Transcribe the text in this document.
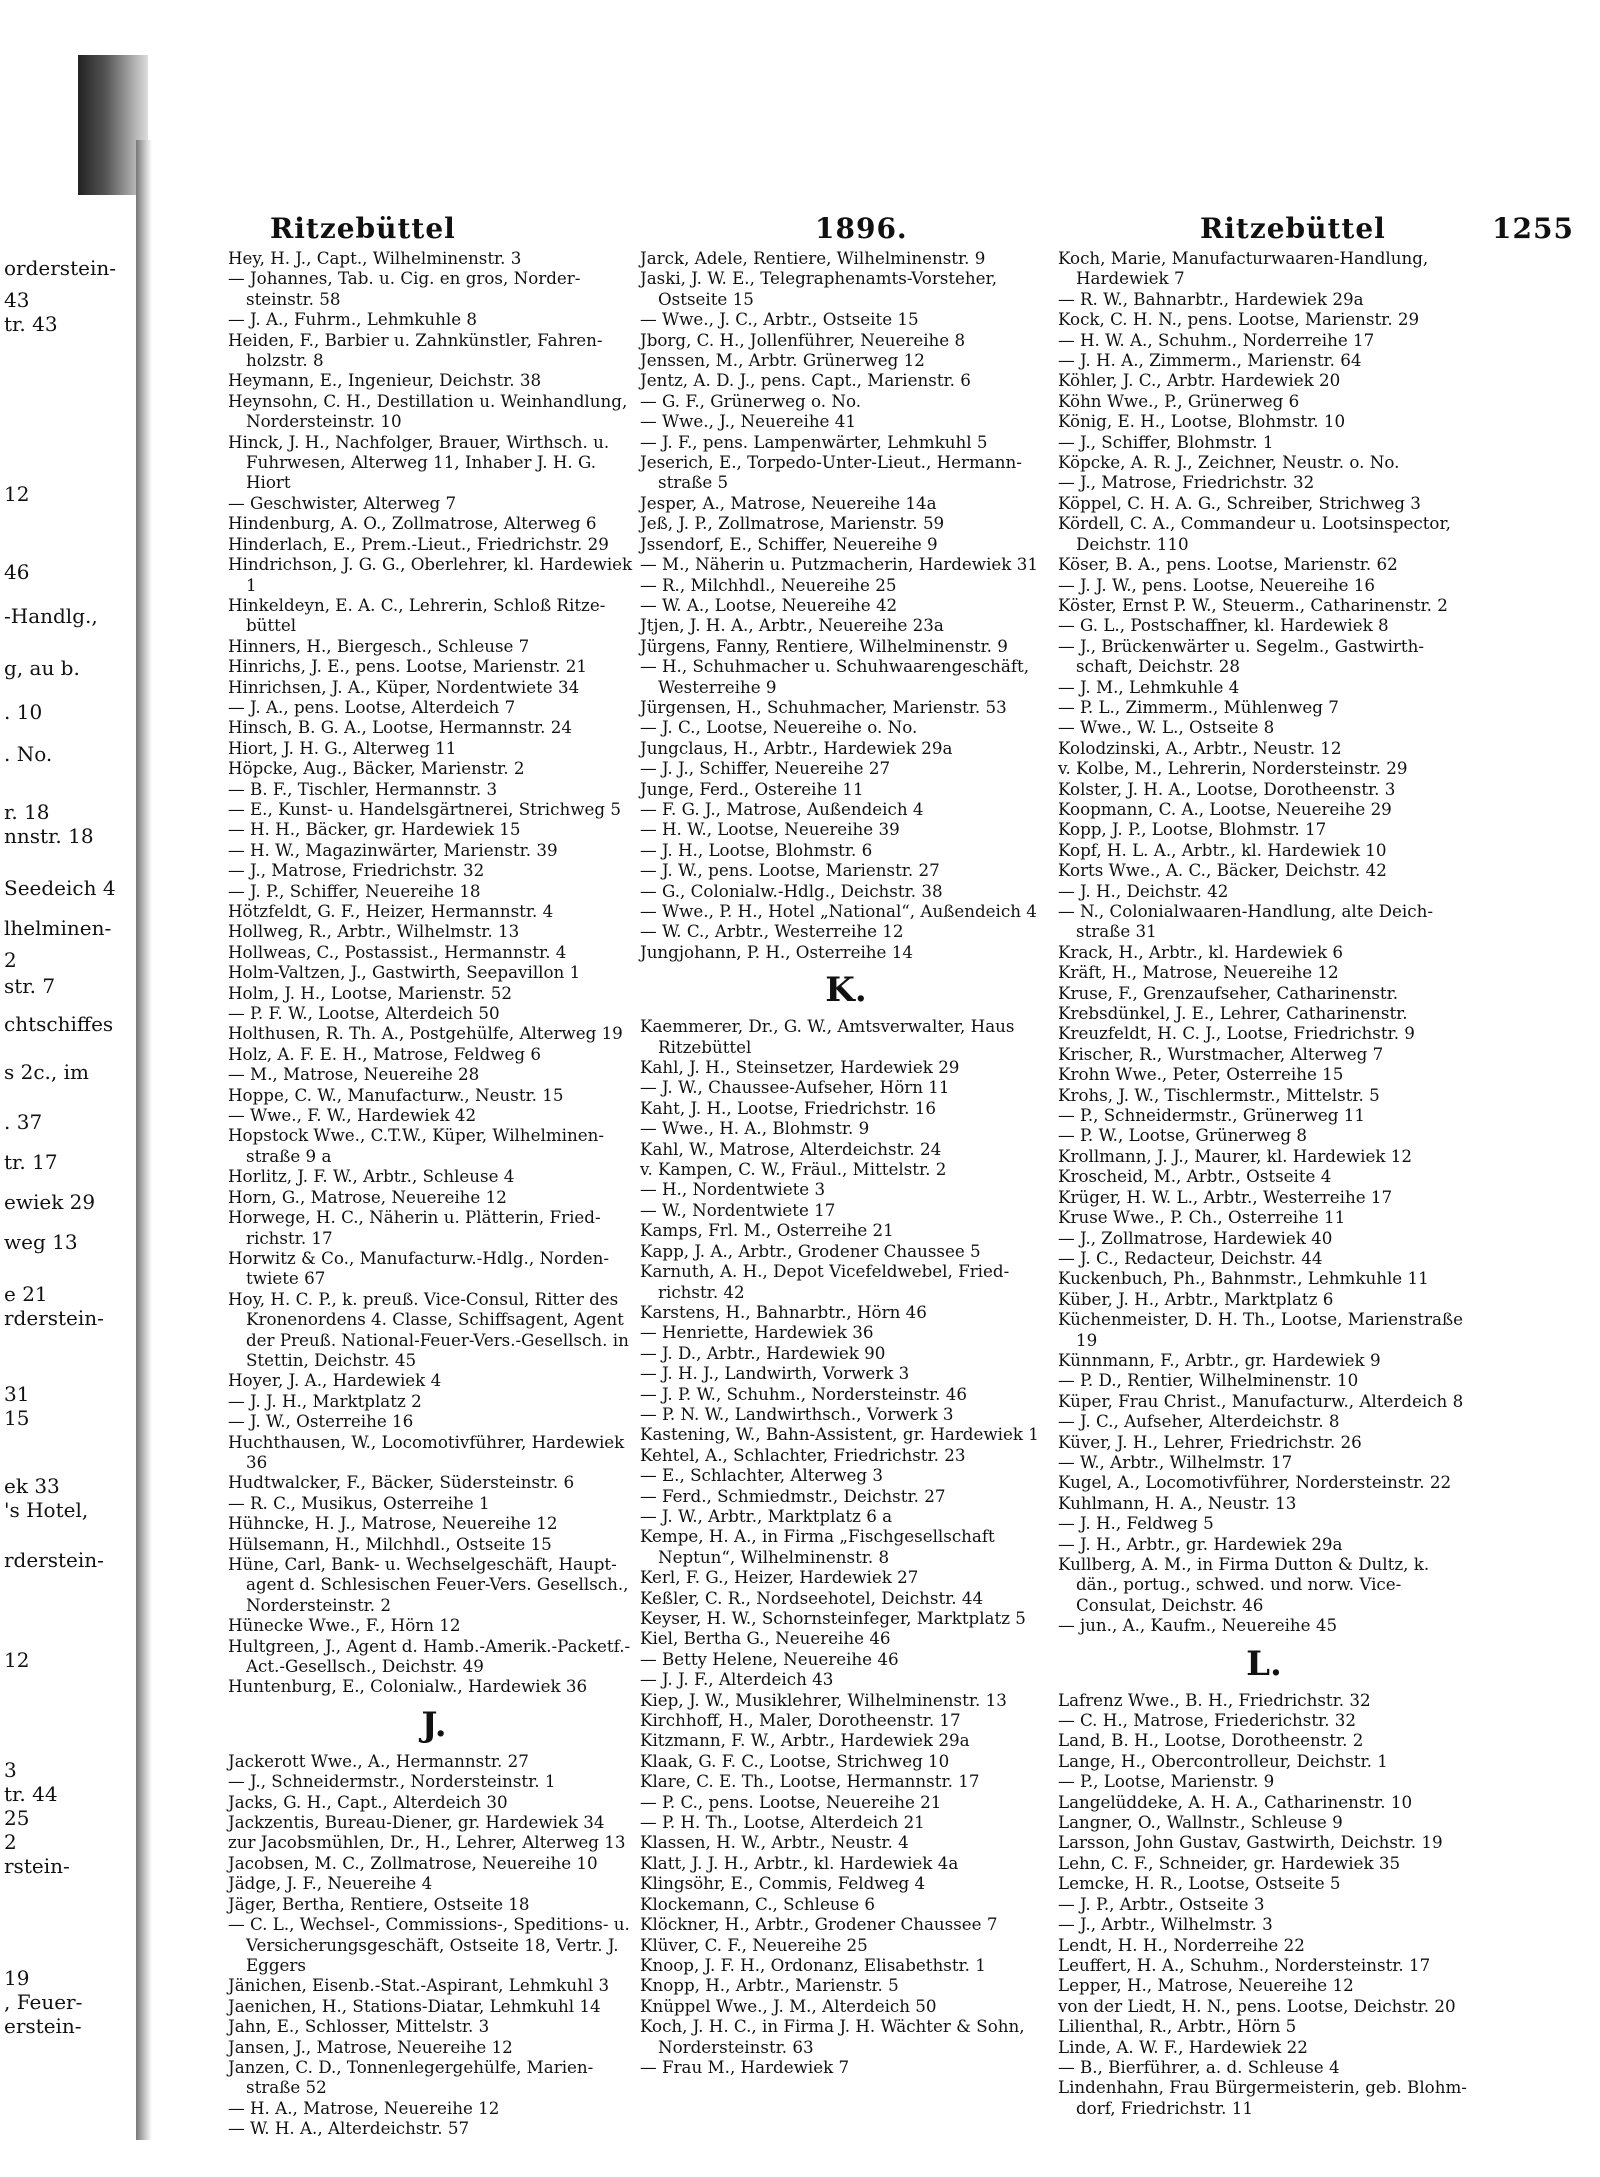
orderstein-
43
tr. 43
12
46
-Handlg.,
g, au b.
. 10
. No.
r. 18
nnstr. 18
Seedeich 4
lhelminen-
2
str. 7
chtschiffes
s 2c., im
. 37
tr. 17
ewiek 29
weg 13
e 21
rderstein-
31
15
ek 33
's Hotel,
rderstein-
12
3
tr. 44
25
2
rstein-
19
, Feuer-
erstein-
Ritzebüttel	1896.	Ritzebüttel	1255
Hey, H. J., Capt., Wilhelminenstr. 3
— Johannes, Tab. u. Cig. en gros, Nordersteinstr. 58
— J. A., Fuhrm., Lehmkuhle 8
Heiden, F., Barbier u. Zahnkünstler, Fahrenholzstr. 8
Heymann, E., Ingenieur, Deichstr. 38
Heynsohn, C. H., Destillation u. Weinhandlung, Nordersteinstr. 10
Hinck, J. H., Nachfolger, Brauer, Wirthsch. u. Fuhrwesen, Alterweg 11, Inhaber J. H. G. Hiort
— Geschwister, Alterweg 7
Hindenburg, A. O., Zollmatrose, Alterweg 6
Hinderlach, E., Prem.-Lieut., Friedrichstr. 29
Hindrichson, J. G. G., Oberlehrer, kl. Hardewiek 1
Hinkeldeyn, E. A. C., Lehrerin, Schloß Ritzebüttel
Hinners, H., Biergesch., Schleuse 7
Hinrichs, J. E., pens. Lootse, Marienstr. 21
Hinrichsen, J. A., Küper, Nordentwiete 34
— J. A., pens. Lootse, Alterdeich 7
Hinsch, B. G. A., Lootse, Hermannstr. 24
Hiort, J. H. G., Alterweg 11
Höpcke, Aug., Bäcker, Marienstr. 2
— B. F., Tischler, Hermannstr. 3
— E., Kunst- u. Handelsgärtnerei, Strichweg 5
— H. H., Bäcker, gr. Hardewiek 15
— H. W., Magazinwärter, Marienstr. 39
— J., Matrose, Friedrichstr. 32
— J. P., Schiffer, Neuereihe 18
Hötzfeldt, G. F., Heizer, Hermannstr. 4
Hollweg, R., Arbtr., Wilhelmstr. 13
Hollweas, C., Postassist., Hermannstr. 4
Holm-Valtzen, J., Gastwirth, Seepavillon 1
Holm, J. H., Lootse, Marienstr. 52
— P. F. W., Lootse, Alterdeich 50
Holthusen, R. Th. A., Postgehülfe, Alterweg 19
Holz, A. F. E. H., Matrose, Feldweg 6
— M., Matrose, Neuereihe 28
Hoppe, C. W., Manufacturw., Neustr. 15
— Wwe., F. W., Hardewiek 42
Hopstock Wwe., C.T.W., Küper, Wilhelminenstraße 9 a
Horlitz, J. F. W., Arbtr., Schleuse 4
Horn, G., Matrose, Neuereihe 12
Horwege, H. C., Näherin u. Plätterin, Friedrichstr. 17
Horwitz & Co., Manufacturw.-Hdlg., Nordentwiete 67
Hoy, H. C. P., k. preuß. Vice-Consul, Ritter des Kronenordens 4. Classe, Schiffsagent, Agent der Preuß. National-Feuer-Vers.-Gesellsch. in Stettin, Deichstr. 45
Hoyer, J. A., Hardewiek 4
— J. J. H., Marktplatz 2
— J. W., Osterreihe 16
Huchthausen, W., Locomotivführer, Hardewiek 36
Hudtwalcker, F., Bäcker, Südersteinstr. 6
— R. C., Musikus, Osterreihe 1
Hühncke, H. J., Matrose, Neuereihe 12
Hülsemann, H., Milchhdl., Ostseite 15
Hüne, Carl, Bank- u. Wechselgeschäft, Hauptagent d. Schlesischen Feuer-Vers. Gesellsch., Nordersteinstr. 2
Hünecke Wwe., F., Hörn 12
Hultgreen, J., Agent d. Hamb.-Amerik.-Packetf.-Act.-Gesellsch., Deichstr. 49
Huntenburg, E., Colonialw., Hardewiek 36
J.
Jackerott Wwe., A., Hermannstr. 27
— J., Schneidermstr., Nordersteinstr. 1
Jacks, G. H., Capt., Alterdeich 30
Jackzentis, Bureau-Diener, gr. Hardewiek 34
zur Jacobsmühlen, Dr., H., Lehrer, Alterweg 13
Jacobsen, M. C., Zollmatrose, Neuereihe 10
Jädge, J. F., Neuereihe 4
Jäger, Bertha, Rentiere, Ostseite 18
— C. L., Wechsel-, Commissions-, Speditions- u. Versicherungsgeschäft, Ostseite 18, Vertr. J. Eggers
Jänichen, Eisenb.-Stat.-Aspirant, Lehmkuhl 3
Jaenichen, H., Stations-Diatar, Lehmkuhl 14
Jahn, E., Schlosser, Mittelstr. 3
Jansen, J., Matrose, Neuereihe 12
Janzen, C. D., Tonnenlegergehülfe, Marienstraße 52
— H. A., Matrose, Neuereihe 12
— W. H. A., Alterdeichstr. 57
Jarck, Adele, Rentiere, Wilhelminenstr. 9
Jaski, J. W. E., Telegraphenamts-Vorsteher, Ostseite 15
— Wwe., J. C., Arbtr., Ostseite 15
Jborg, C. H., Jollenführer, Neuereihe 8
Jenssen, M., Arbtr. Grünerweg 12
Jentz, A. D. J., pens. Capt., Marienstr. 6
— G. F., Grünerweg o. No.
— Wwe., J., Neuereihe 41
— J. F., pens. Lampenwärter, Lehmkuhl 5
Jeserich, E., Torpedo-Unter-Lieut., Hermannstraße 5
Jesper, A., Matrose, Neuereihe 14a
Jeß, J. P., Zollmatrose, Marienstr. 59
Jssendorf, E., Schiffer, Neuereihe 9
— M., Näherin u. Putzmacherin, Hardewiek 31
— R., Milchhdl., Neuereihe 25
— W. A., Lootse, Neuereihe 42
Jtjen, J. H. A., Arbtr., Neuereihe 23a
Jürgens, Fanny, Rentiere, Wilhelminenstr. 9
— H., Schuhmacher u. Schuhwaarengeschäft, Westerreihe 9
Jürgensen, H., Schuhmacher, Marienstr. 53
— J. C., Lootse, Neuereihe o. No.
Jungclaus, H., Arbtr., Hardewiek 29a
— J. J., Schiffer, Neuereihe 27
Junge, Ferd., Ostereihe 11
— F. G. J., Matrose, Außendeich 4
— H. W., Lootse, Neuereihe 39
— J. H., Lootse, Blohmstr. 6
— J. W., pens. Lootse, Marienstr. 27
— G., Colonialw.-Hdlg., Deichstr. 38
— Wwe., P. H., Hotel „National“, Außendeich 4
— W. C., Arbtr., Westerreihe 12
Jungjohann, P. H., Osterreihe 14
K.
Kaemmerer, Dr., G. W., Amtsverwalter, Haus Ritzebüttel
Kahl, J. H., Steinsetzer, Hardewiek 29
— J. W., Chaussee-Aufseher, Hörn 11
Kaht, J. H., Lootse, Friedrichstr. 16
— Wwe., H. A., Blohmstr. 9
Kahl, W., Matrose, Alterdeichstr. 24
v. Kampen, C. W., Fräul., Mittelstr. 2
— H., Nordentwiete 3
— W., Nordentwiete 17
Kamps, Frl. M., Osterreihe 21
Kapp, J. A., Arbtr., Grodener Chaussee 5
Karnuth, A. H., Depot Vicefeldwebel, Friedrichstr. 42
Karstens, H., Bahnarbtr., Hörn 46
— Henriette, Hardewiek 36
— J. D., Arbtr., Hardewiek 90
— J. H. J., Landwirth, Vorwerk 3
— J. P. W., Schuhm., Nordersteinstr. 46
— P. N. W., Landwirthsch., Vorwerk 3
Kastening, W., Bahn-Assistent, gr. Hardewiek 1
Kehtel, A., Schlachter, Friedrichstr. 23
— E., Schlachter, Alterweg 3
— Ferd., Schmiedmstr., Deichstr. 27
— J. W., Arbtr., Marktplatz 6 a
Kempe, H. A., in Firma „Fischgesellschaft Neptun“, Wilhelminenstr. 8
Kerl, F. G., Heizer, Hardewiek 27
Keßler, C. R., Nordseehotel, Deichstr. 44
Keyser, H. W., Schornsteinfeger, Marktplatz 5
Kiel, Bertha G., Neuereihe 46
— Betty Helene, Neuereihe 46
— J. J. F., Alterdeich 43
Kiep, J. W., Musiklehrer, Wilhelminenstr. 13
Kirchhoff, H., Maler, Dorotheenstr. 17
Kitzmann, F. W., Arbtr., Hardewiek 29a
Klaak, G. F. C., Lootse, Strichweg 10
Klare, C. E. Th., Lootse, Hermannstr. 17
— P. C., pens. Lootse, Neuereihe 21
— P. H. Th., Lootse, Alterdeich 21
Klassen, H. W., Arbtr., Neustr. 4
Klatt, J. J. H., Arbtr., kl. Hardewiek 4a
Klingsöhr, E., Commis, Feldweg 4
Klockemann, C., Schleuse 6
Klöckner, H., Arbtr., Grodener Chaussee 7
Klüver, C. F., Neuereihe 25
Knoop, J. F. H., Ordonanz, Elisabethstr. 1
Knopp, H., Arbtr., Marienstr. 5
Knüppel Wwe., J. M., Alterdeich 50
Koch, J. H. C., in Firma J. H. Wächter & Sohn, Nordersteinstr. 63
— Frau M., Hardewiek 7
Koch, Marie, Manufacturwaaren-Handlung, Hardewiek 7
— R. W., Bahnarbtr., Hardewiek 29a
Kock, C. H. N., pens. Lootse, Marienstr. 29
— H. W. A., Schuhm., Norderreihe 17
— J. H. A., Zimmerm., Marienstr. 64
Köhler, J. C., Arbtr. Hardewiek 20
Köhn Wwe., P., Grünerweg 6
König, E. H., Lootse, Blohmstr. 10
— J., Schiffer, Blohmstr. 1
Köpcke, A. R. J., Zeichner, Neustr. o. No.
— J., Matrose, Friedrichstr. 32
Köppel, C. H. A. G., Schreiber, Strichweg 3
Kördell, C. A., Commandeur u. Lootsinspector, Deichstr. 110
Köser, B. A., pens. Lootse, Marienstr. 62
— J. J. W., pens. Lootse, Neuereihe 16
Köster, Ernst P. W., Steuerm., Catharinenstr. 2
— G. L., Postschaffner, kl. Hardewiek 8
— J., Brückenwärter u. Segelm., Gastwirthschaft, Deichstr. 28
— J. M., Lehmkuhle 4
— P. L., Zimmerm., Mühlenweg 7
— Wwe., W. L., Ostseite 8
Kolodzinski, A., Arbtr., Neustr. 12
v. Kolbe, M., Lehrerin, Nordersteinstr. 29
Kolster, J. H. A., Lootse, Dorotheenstr. 3
Koopmann, C. A., Lootse, Neuereihe 29
Kopp, J. P., Lootse, Blohmstr. 17
Kopf, H. L. A., Arbtr., kl. Hardewiek 10
Korts Wwe., A. C., Bäcker, Deichstr. 42
— J. H., Deichstr. 42
— N., Colonialwaaren-Handlung, alte Deichstraße 31
Krack, H., Arbtr., kl. Hardewiek 6
Kräft, H., Matrose, Neuereihe 12
Kruse, F., Grenzaufseher, Catharinenstr.
Krebsdünkel, J. E., Lehrer, Catharinenstr.
Kreuzfeldt, H. C. J., Lootse, Friedrichstr. 9
Krischer, R., Wurstmacher, Alterweg 7
Krohn Wwe., Peter, Osterreihe 15
Krohs, J. W., Tischlermstr., Mittelstr. 5
— P., Schneidermstr., Grünerweg 11
— P. W., Lootse, Grünerweg 8
Krollmann, J. J., Maurer, kl. Hardewiek 12
Kroscheid, M., Arbtr., Ostseite 4
Krüger, H. W. L., Arbtr., Westerreihe 17
Kruse Wwe., P. Ch., Osterreihe 11
— J., Zollmatrose, Hardewiek 40
— J. C., Redacteur, Deichstr. 44
Kuckenbuch, Ph., Bahnmstr., Lehmkuhle 11
Küber, J. H., Arbtr., Marktplatz 6
Küchenmeister, D. H. Th., Lootse, Marienstraße 19
Künnmann, F., Arbtr., gr. Hardewiek 9
— P. D., Rentier, Wilhelminenstr. 10
Küper, Frau Christ., Manufacturw., Alterdeich 8
— J. C., Aufseher, Alterdeichstr. 8
Küver, J. H., Lehrer, Friedrichstr. 26
— W., Arbtr., Wilhelmstr. 17
Kugel, A., Locomotivführer, Nordersteinstr. 22
Kuhlmann, H. A., Neustr. 13
— J. H., Feldweg 5
— J. H., Arbtr., gr. Hardewiek 29a
Kullberg, A. M., in Firma Dutton & Dultz, k. dän., portug., schwed. und norw. Vice-Consulat, Deichstr. 46
— jun., A., Kaufm., Neuereihe 45
L.
Lafrenz Wwe., B. H., Friedrichstr. 32
— C. H., Matrose, Friederichstr. 32
Land, B. H., Lootse, Dorotheenstr. 2
Lange, H., Obercontrolleur, Deichstr. 1
— P., Lootse, Marienstr. 9
Langelüddeke, A. H. A., Catharinenstr. 10
Langner, O., Wallnstr., Schleuse 9
Larsson, John Gustav, Gastwirth, Deichstr. 19
Lehn, C. F., Schneider, gr. Hardewiek 35
Lemcke, H. R., Lootse, Ostseite 5
— J. P., Arbtr., Ostseite 3
— J., Arbtr., Wilhelmstr. 3
Lendt, H. H., Norderreihe 22
Leuffert, H. A., Schuhm., Nordersteinstr. 17
Lepper, H., Matrose, Neuereihe 12
von der Liedt, H. N., pens. Lootse, Deichstr. 20
Lilienthal, R., Arbtr., Hörn 5
Linde, A. W. F., Hardewiek 22
— B., Bierführer, a. d. Schleuse 4
Lindenhahn, Frau Bürgermeisterin, geb. Blohmdorf, Friedrichstr. 11
